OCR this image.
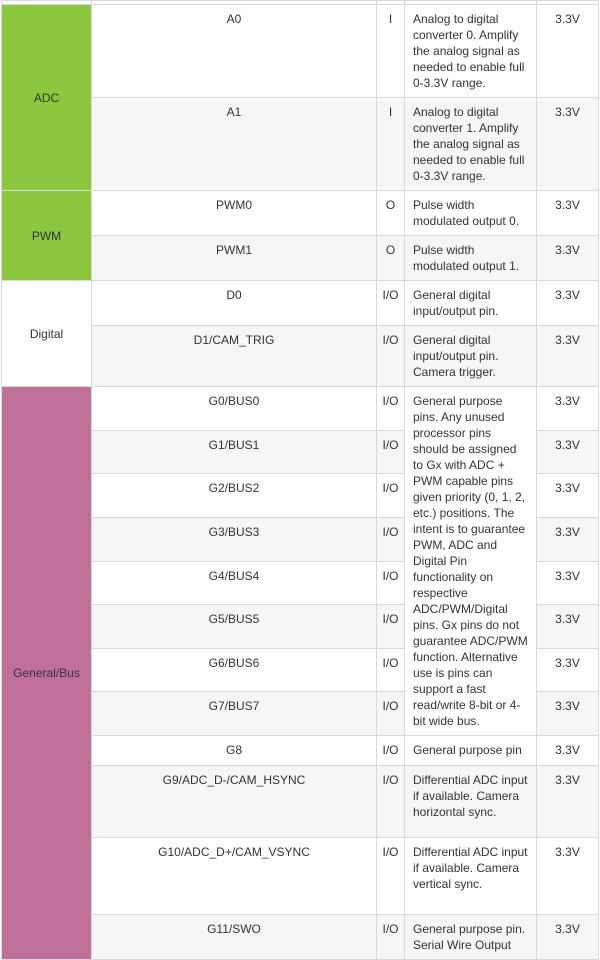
ADC	A0	I	Analog to digital converter 0. Amplify the analog signal as needed to enable full 0-3.3V range.	3.3V
	A1	I	Analog to digital converter 1. Amplify the analog signal as needed to enable full 0-3.3V range.	3.3V
PWM	PWM0	O	Pulse width modulated output 0.	3.3V
	PWM1	O	Pulse width modulated output 1.	3.3V
Digital	D0	I/O	General digital input/output pin.	3.3V
	D1/CAM_TRIG	I/O	General digital input/output pin. Camera trigger.	3.3V
General/Bus	G0/BUS0	I/O	General purpose pins. Any unused processor pins should be assigned to Gx with ADC + PWM capable pins given priority (0, 1, 2, etc.) positions. The intent is to guarantee PWM, ADC and Digital Pin functionality on respective ADC/PWM/Digital pins. Gx pins do not guarantee ADC/PWM function. Alternative use is pins can support a fast read/write 8-bit or 4-bit wide bus.	3.3V
	G1/BUS1	I/O		3.3V
	G2/BUS2	I/O		3.3V
	G3/BUS3	I/O		3.3V
	G4/BUS4	I/O		3.3V
	G5/BUS5	I/O		3.3V
	G6/BUS6	I/O		3.3V
	G7/BUS7	I/O		3.3V
	G8	I/O	General purpose pin	3.3V
	G9/ADC_D-/CAM_HSYNC	I/O	Differential ADC input if available. Camera horizontal sync.	3.3V
	G10/ADC_D+/CAM_VSYNC	I/O	Differential ADC input if available. Camera vertical sync.	3.3V
	G11/SWO	I/O	General purpose pin. Serial Wire Output	3.3V
